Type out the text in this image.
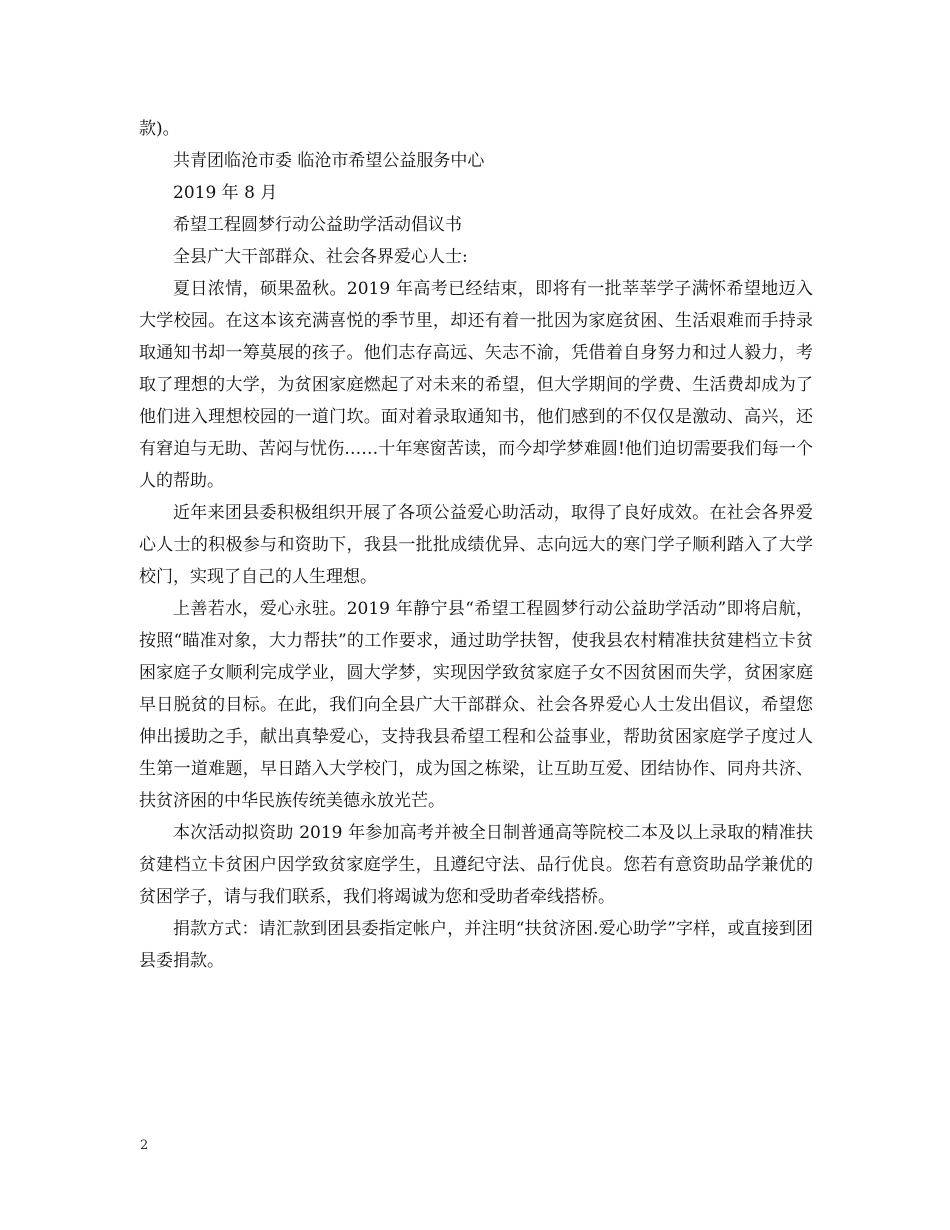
款)。

共青团临沧市委 临沧市希望公益服务中心

2019 年 8 月

希望工程圆梦行动公益助学活动倡议书

全县广大干部群众、社会各界爱心人士:

夏日浓情，硕果盈秋。2019 年高考已经结束，即将有一批莘莘学子满怀希望地迈入大学校园。在这本该充满喜悦的季节里，却还有着一批因为家庭贫困、生活艰难而手持录取通知书却一筹莫展的孩子。他们志存高远、矢志不渝，凭借着自身努力和过人毅力，考取了理想的大学，为贫困家庭燃起了对未来的希望，但大学期间的学费、生活费却成为了他们进入理想校园的一道门坎。面对着录取通知书，他们感到的不仅仅是激动、高兴，还有窘迫与无助、苦闷与忧伤……十年寒窗苦读，而今却学梦难圆!他们迫切需要我们每一个人的帮助。

近年来团县委积极组织开展了各项公益爱心助活动，取得了良好成效。在社会各界爱心人士的积极参与和资助下，我县一批批成绩优异、志向远大的寒门学子顺利踏入了大学校门，实现了自己的人生理想。

上善若水，爱心永驻。2019 年静宁县“希望工程圆梦行动公益助学活动”即将启航，按照“瞄准对象，大力帮扶”的工作要求，通过助学扶智，使我县农村精准扶贫建档立卡贫困家庭子女顺利完成学业，圆大学梦，实现因学致贫家庭子女不因贫困而失学，贫困家庭早日脱贫的目标。在此，我们向全县广大干部群众、社会各界爱心人士发出倡议，希望您伸出援助之手，献出真挚爱心，支持我县希望工程和公益事业，帮助贫困家庭学子度过人生第一道难题，早日踏入大学校门，成为国之栋梁，让互助互爱、团结协作、同舟共济、扶贫济困的中华民族传统美德永放光芒。

本次活动拟资助 2019 年参加高考并被全日制普通高等院校二本及以上录取的精准扶贫建档立卡贫困户因学致贫家庭学生，且遵纪守法、品行优良。您若有意资助品学兼优的贫困学子，请与我们联系，我们将竭诚为您和受助者牵线搭桥。

捐款方式：请汇款到团县委指定帐户，并注明“扶贫济困.爱心助学”字样，或直接到团县委捐款。

2
